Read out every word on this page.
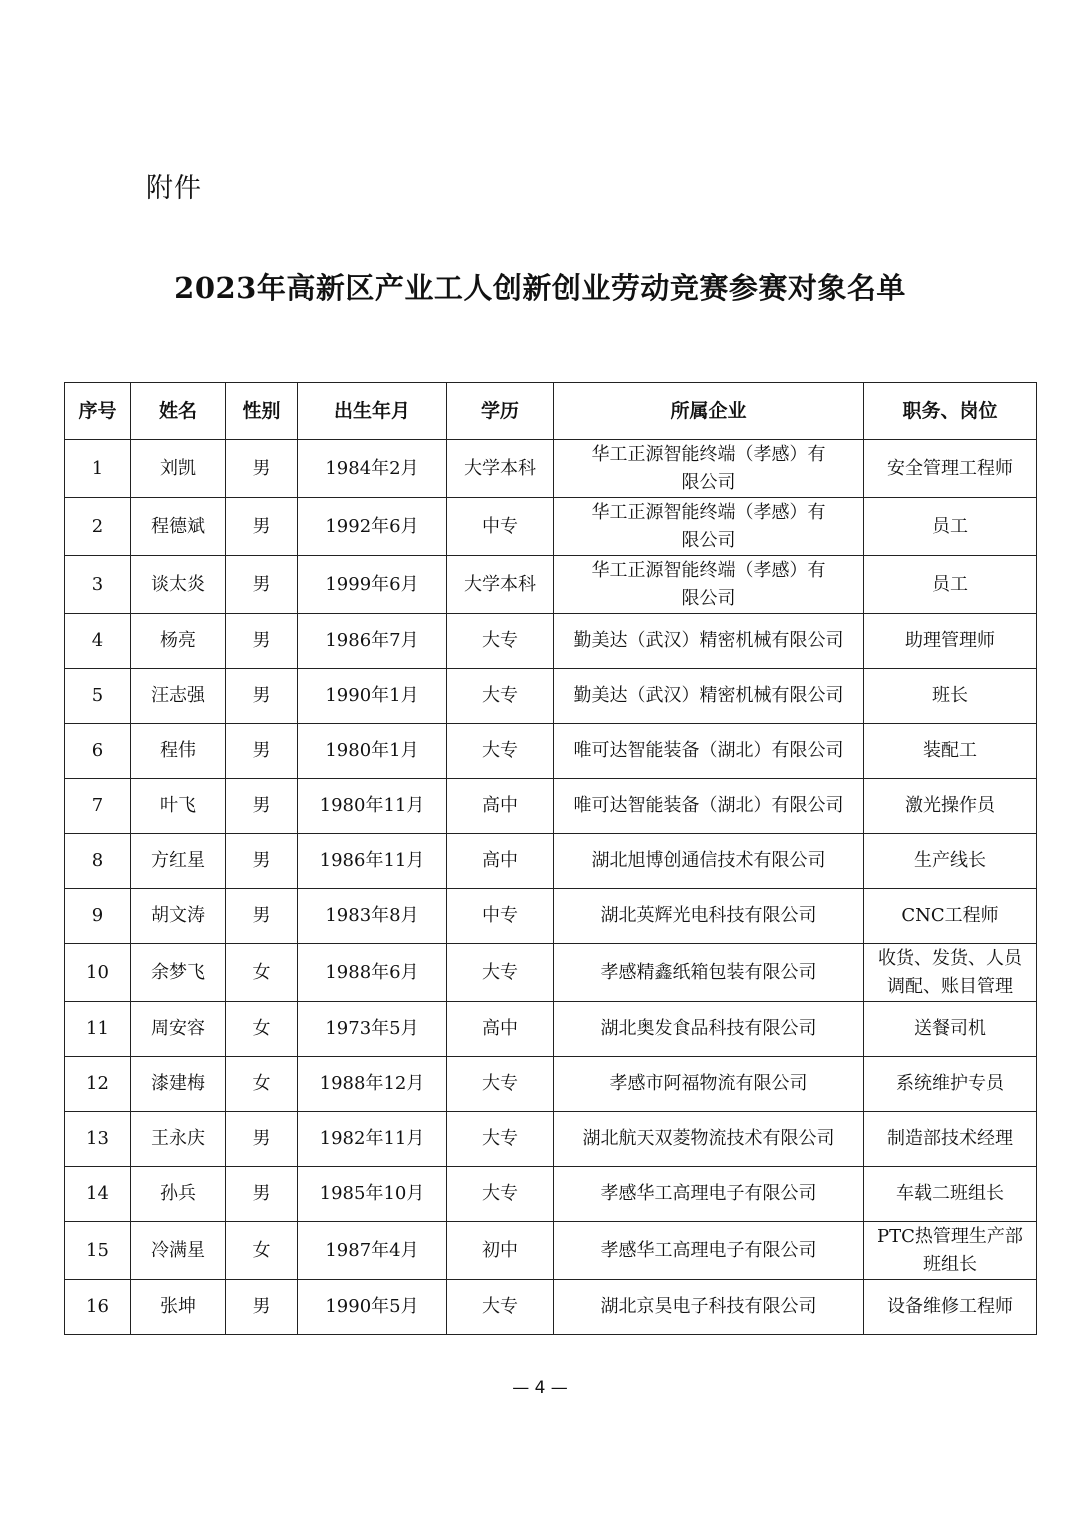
附件
2023年高新区产业工人创新创业劳动竞赛参赛对象名单
序号	姓名	性别	出生年月	学历	所属企业	职务、岗位
1	刘凯	男	1984年2月	大学本科	华工正源智能终端（孝感）有限公司	安全管理工程师
2	程德斌	男	1992年6月	中专	华工正源智能终端（孝感）有限公司	员工
3	谈太炎	男	1999年6月	大学本科	华工正源智能终端（孝感）有限公司	员工
4	杨亮	男	1986年7月	大专	勤美达（武汉）精密机械有限公司	助理管理师
5	汪志强	男	1990年1月	大专	勤美达（武汉）精密机械有限公司	班长
6	程伟	男	1980年1月	大专	唯可达智能装备（湖北）有限公司	装配工
7	叶飞	男	1980年11月	高中	唯可达智能装备（湖北）有限公司	激光操作员
8	方红星	男	1986年11月	高中	湖北旭博创通信技术有限公司	生产线长
9	胡文涛	男	1983年8月	中专	湖北英辉光电科技有限公司	CNC工程师
10	余梦飞	女	1988年6月	大专	孝感精鑫纸箱包装有限公司	收货、发货、人员调配、账目管理
11	周安容	女	1973年5月	高中	湖北奥发食品科技有限公司	送餐司机
12	漆建梅	女	1988年12月	大专	孝感市阿福物流有限公司	系统维护专员
13	王永庆	男	1982年11月	大专	湖北航天双菱物流技术有限公司	制造部技术经理
14	孙兵	男	1985年10月	大专	孝感华工高理电子有限公司	车载二班组长
15	冷满星	女	1987年4月	初中	孝感华工高理电子有限公司	PTC热管理生产部班组长
16	张坤	男	1990年5月	大专	湖北京昊电子科技有限公司	设备维修工程师
— 4 —
